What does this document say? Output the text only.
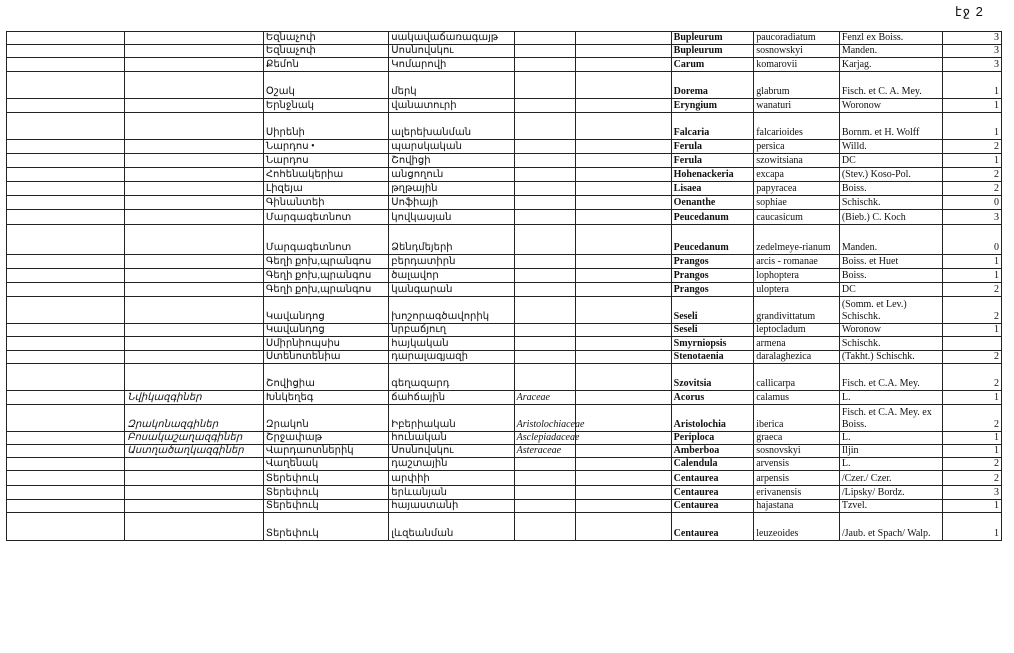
էջ 2
		Եզնաչոփ	սակավաճառագայթ			Bupleurum	paucoradiatum	Fenzl ex Boiss.	3
		Եզնաչոփ	Սոսնովսկու			Bupleurum	sosnowskyi	Manden.	3
		Քեմոն	Կոմարովի			Carum	komarovii	Karjag.	3
		Օշակ	մերկ			Dorema	glabrum	Fisch. et C. A. Mey.	1
		Երնջնակ	վանատուրի			Eryngium	wanaturi	Woronow	1
		Սիրենի	ալերեխանման			Falcaria	falcarioides	Bornm. et H. Wolff	1
		Նարդոս •	պարսկական			Ferula	persica	Willd.	2
		Նարդոս	Շովիցի			Ferula	szowitsiana	DC	1
		Հոհենակերիա	անցողուն			Hohenackeria	excapa	(Stev.) Koso-Pol.	2
		Լիզեյա	թղթային			Lisaea	papyracea	Boiss.	2
		Գինանտեի	Սոֆիայի			Oenanthe	sophiae	Schischk.	0
		Մարգագետնոտ	կովկասյան			Peucedanum	caucasicum	(Bieb.) C. Koch	3
		Մարգագետնոտ	Ձենդմեյերի			Peucedanum	zedelmeye-rianum	Manden.	0
		Գեղի քոխ,պրանգոս	բերդատիրն			Prangos	arcis - romanae	Boiss. et Huet	1
		Գեղի քոխ,պրանգոս	ծալավոր			Prangos	lophoptera	Boiss.	1
		Գեղի քոխ,պրանգոս	կանգարան			Prangos	uloptera	DC	2
		Կավանդոց	խոշորագծավորիկ			Seseli	grandivittatum	(Somm. et Lev.) Schischk.	2
		Կավանդոց	նրբաճյուղ			Seseli	leptocladum	Woronow	1
		Սմիրնիոպսիս	հայկական			Smyrniopsis	armena	Schischk.	
		Ստենոտենիա	դարալագյազի			Stenotaenia	daralaghezica	(Takht.) Schischk.	2
		Շովիցիա	գեղազարդ			Szovitsia	callicarpa	Fisch. et C.A. Mey.	2
	Նվիկազգիներ	Խնկեղեգ	ճահճային	Araceae		Acorus	calamus	L.	1
	Զրակոնազգիներ	Զրակոն	Իբերիական	Aristolochiaceae		Aristolochia	iberica	Fisch. et C.A. Mey. ex Boiss.	2
	Բոսակաշաղազգիներ	Շրջափաթ	հունական	Asclepiadaceae		Periploca	graeca	L.	1
	Աստղածաղկազգիներ	Վարդաոտներիկ	Սոսնովսկու	Asteraceae		Amberboa	sosnovskyi	Iljin	1
		Վաղենակ	դաշտային			Calendula	arvensis	L.	2
		Տերեփուկ	արփիի			Centaurea	arpensis	/Czer./ Czer.	2
		Տերեփուկ	երևանյան			Centaurea	erivanensis	/Lipsky/ Bordz.	3
		Տերեփուկ	հայաստանի			Centaurea	hajastana	Tzvel.	1
		Տերեփուկ	լևզեանման			Centaurea	leuzeoides	/Jaub. et Spach/ Walp.	1
